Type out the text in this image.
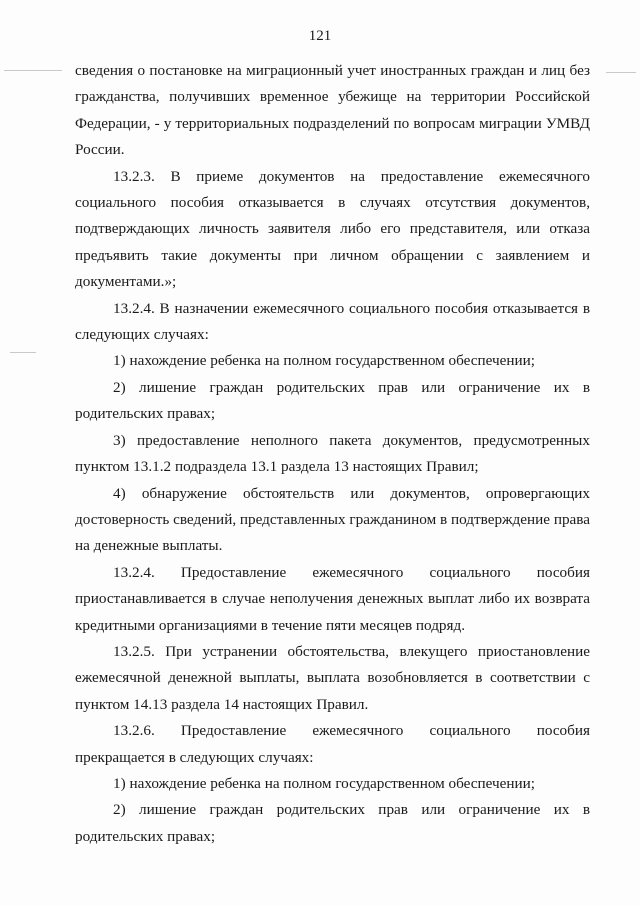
121

сведения о постановке на миграционный учет иностранных граждан и лиц без гражданства, получивших временное убежище на территории Российской Федерации, - у территориальных подразделений по вопросам миграции УМВД России.

13.2.3. В приеме документов на предоставление ежемесячного социального пособия отказывается в случаях отсутствия документов, подтверждающих личность заявителя либо его представителя, или отказа предъявить такие документы при личном обращении с заявлением и документами.»;

13.2.4. В назначении ежемесячного социального пособия отказывается в следующих случаях:

1) нахождение ребенка на полном государственном обеспечении;

2) лишение граждан родительских прав или ограничение их в родительских правах;

3) предоставление неполного пакета документов, предусмотренных пунктом 13.1.2 подраздела 13.1 раздела 13 настоящих Правил;

4) обнаружение обстоятельств или документов, опровергающих достоверность сведений, представленных гражданином в подтверждение права на денежные выплаты.

13.2.4. Предоставление ежемесячного социального пособия приостанавливается в случае неполучения денежных выплат либо их возврата кредитными организациями в течение пяти месяцев подряд.

13.2.5. При устранении обстоятельства, влекущего приостановление ежемесячной денежной выплаты, выплата возобновляется в соответствии с пунктом 14.13 раздела 14 настоящих Правил.

13.2.6. Предоставление ежемесячного социального пособия прекращается в следующих случаях:

1) нахождение ребенка на полном государственном обеспечении;

2) лишение граждан родительских прав или ограничение их в родительских правах;
